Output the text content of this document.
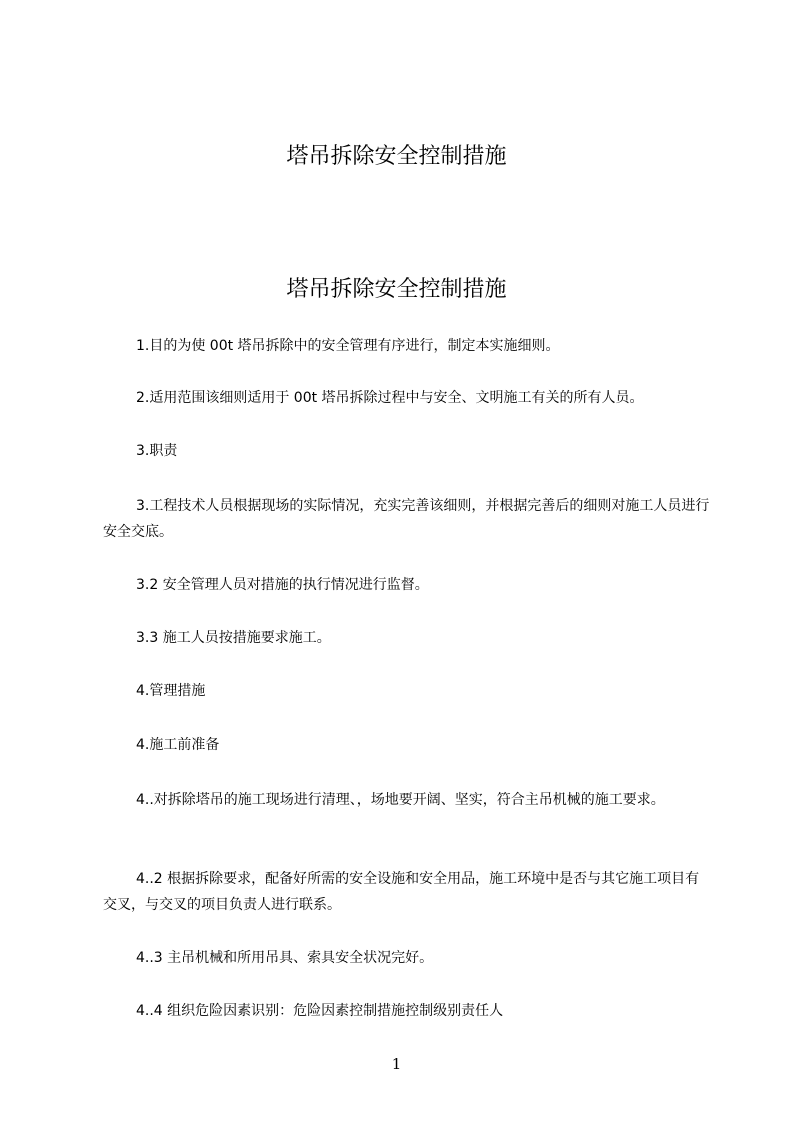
塔吊拆除安全控制措施
塔吊拆除安全控制措施
1.目的为使 00t 塔吊拆除中的安全管理有序进行，制定本实施细则。
2.适用范围该细则适用于 00t 塔吊拆除过程中与安全、文明施工有关的所有人员。
3.职责
3.工程技术人员根据现场的实际情况，充实完善该细则，并根据完善后的细则对施工人员进行安全交底。
3.2 安全管理人员对措施的执行情况进行监督。
3.3 施工人员按措施要求施工。
4.管理措施
4.施工前准备
4..对拆除塔吊的施工现场进行清理、，场地要开阔、坚实，符合主吊机械的施工要求。
4..2 根据拆除要求，配备好所需的安全设施和安全用品，施工环境中是否与其它施工项目有交叉，与交叉的项目负责人进行联系。
4..3 主吊机械和所用吊具、索具安全状况完好。
4..4 组织危险因素识别：危险因素控制措施控制级别责任人
1
